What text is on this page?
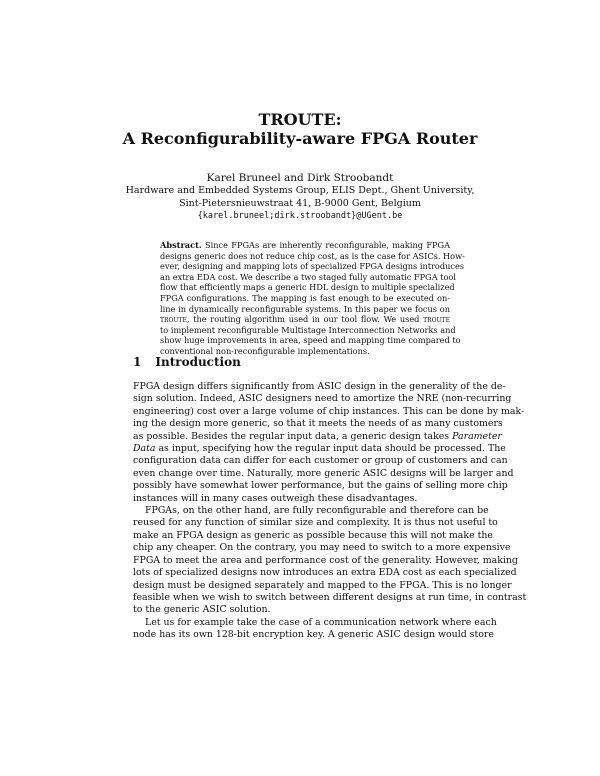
TROUTE:
A Reconfigurability-aware FPGA Router
Karel Bruneel and Dirk Stroobandt
Hardware and Embedded Systems Group, ELIS Dept., Ghent University,
Sint-Pietersnieuwstraat 41, B-9000 Gent, Belgium
{karel.bruneel;dirk.stroobandt}@UGent.be
Abstract. Since FPGAs are inherently reconfigurable, making FPGA
designs generic does not reduce chip cost, as is the case for ASICs. How-
ever, designing and mapping lots of specialized FPGA designs introduces
an extra EDA cost. We describe a two staged fully automatic FPGA tool
flow that efficiently maps a generic HDL design to multiple specialized
FPGA configurations. The mapping is fast enough to be executed on-
line in dynamically reconfigurable systems. In this paper we focus on
troute, the routing algorithm used in our tool flow. We used troute
to implement reconfigurable Multistage Interconnection Networks and
show huge improvements in area, speed and mapping time compared to
conventional non-reconfigurable implementations.
1 Introduction
FPGA design differs significantly from ASIC design in the generality of the de-
sign solution. Indeed, ASIC designers need to amortize the NRE (non-recurring
engineering) cost over a large volume of chip instances. This can be done by mak-
ing the design more generic, so that it meets the needs of as many customers
as possible. Besides the regular input data, a generic design takes Parameter
Data as input, specifying how the regular input data should be processed. The
configuration data can differ for each customer or group of customers and can
even change over time. Naturally, more generic ASIC designs will be larger and
possibly have somewhat lower performance, but the gains of selling more chip
instances will in many cases outweigh these disadvantages.
FPGAs, on the other hand, are fully reconfigurable and therefore can be
reused for any function of similar size and complexity. It is thus not useful to
make an FPGA design as generic as possible because this will not make the
chip any cheaper. On the contrary, you may need to switch to a more expensive
FPGA to meet the area and performance cost of the generality. However, making
lots of specialized designs now introduces an extra EDA cost as each specialized
design must be designed separately and mapped to the FPGA. This is no longer
feasible when we wish to switch between different designs at run time, in contrast
to the generic ASIC solution.
Let us for example take the case of a communication network where each
node has its own 128-bit encryption key. A generic ASIC design would store
